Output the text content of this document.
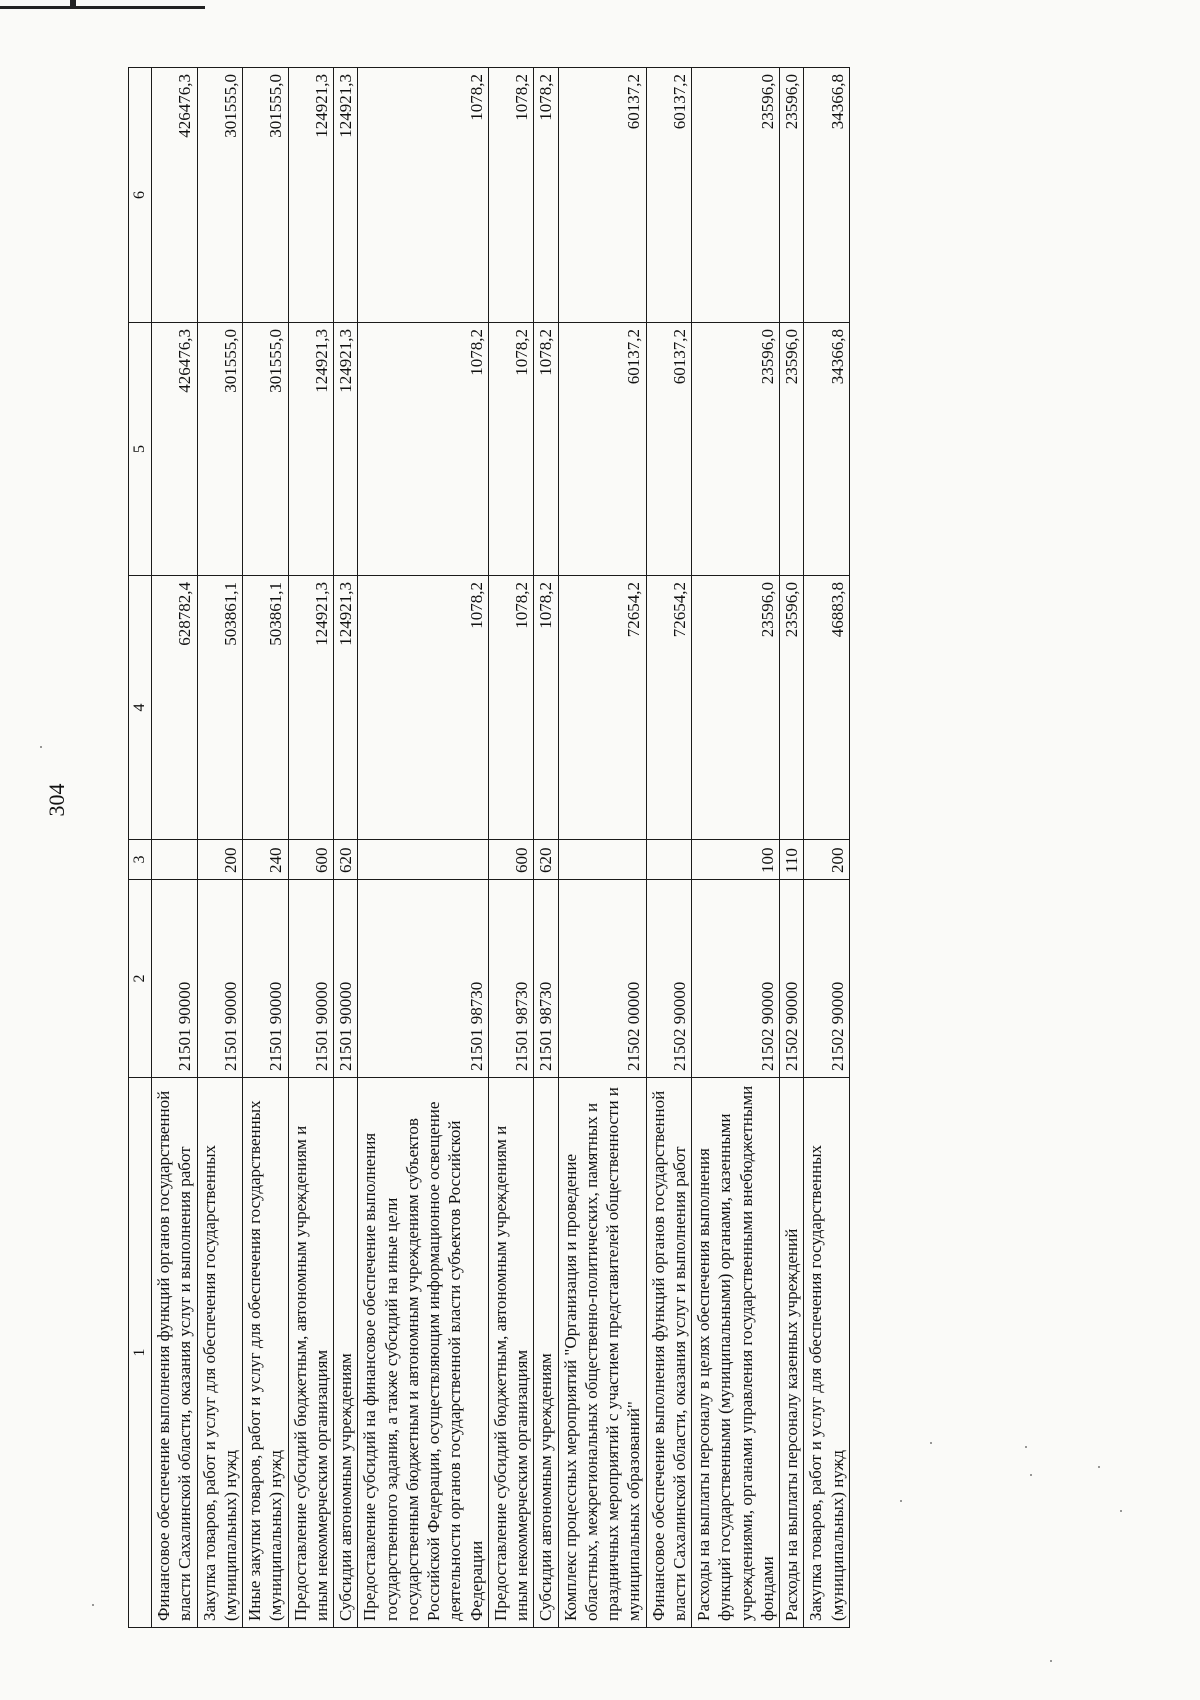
304
1	2	3	4	5	6
Финансовое обеспечение выполнения функций органов государственной власти Сахалинской области, оказания услуг и выполнения работ	21501 90000		628782,4	426476,3	426476,3
Закупка товаров, работ и услуг для обеспечения государственных (муниципальных) нужд	21501 90000	200	503861,1	301555,0	301555,0
Иные закупки товаров, работ и услуг для обеспечения государственных (муниципальных) нужд	21501 90000	240	503861,1	301555,0	301555,0
Предоставление субсидий бюджетным, автономным учреждениям и иным некоммерческим организациям	21501 90000	600	124921,3	124921,3	124921,3
Субсидии автономным учреждениям	21501 90000	620	124921,3	124921,3	124921,3
Предоставление субсидий на финансовое обеспечение выполнения государственного задания, а также субсидий на иные цели государственным бюджетным и автономным учреждениям субъектов Российской Федерации, осуществляющим информационное освещение деятельности органов государственной власти субъектов Российской Федерации	21501 98730		1078,2	1078,2	1078,2
Предоставление субсидий бюджетным, автономным учреждениям и иным некоммерческим организациям	21501 98730	600	1078,2	1078,2	1078,2
Субсидии автономным учреждениям	21501 98730	620	1078,2	1078,2	1078,2
Комплекс процессных мероприятий "Организация и проведение областных, межрегиональных общественно-политических, памятных и праздничных мероприятий с участием представителей общественности и муниципальных образований"	21502 00000		72654,2	60137,2	60137,2
Финансовое обеспечение выполнения функций органов государственной власти Сахалинской области, оказания услуг и выполнения работ	21502 90000		72654,2	60137,2	60137,2
Расходы на выплаты персоналу в целях обеспечения выполнения функций государственными (муниципальными) органами, казенными учреждениями, органами управления государственными внебюджетными фондами	21502 90000	100	23596,0	23596,0	23596,0
Расходы на выплаты персоналу казенных учреждений	21502 90000	110	23596,0	23596,0	23596,0
Закупка товаров, работ и услуг для обеспечения государственных (муниципальных) нужд	21502 90000	200	46883,8	34366,8	34366,8
